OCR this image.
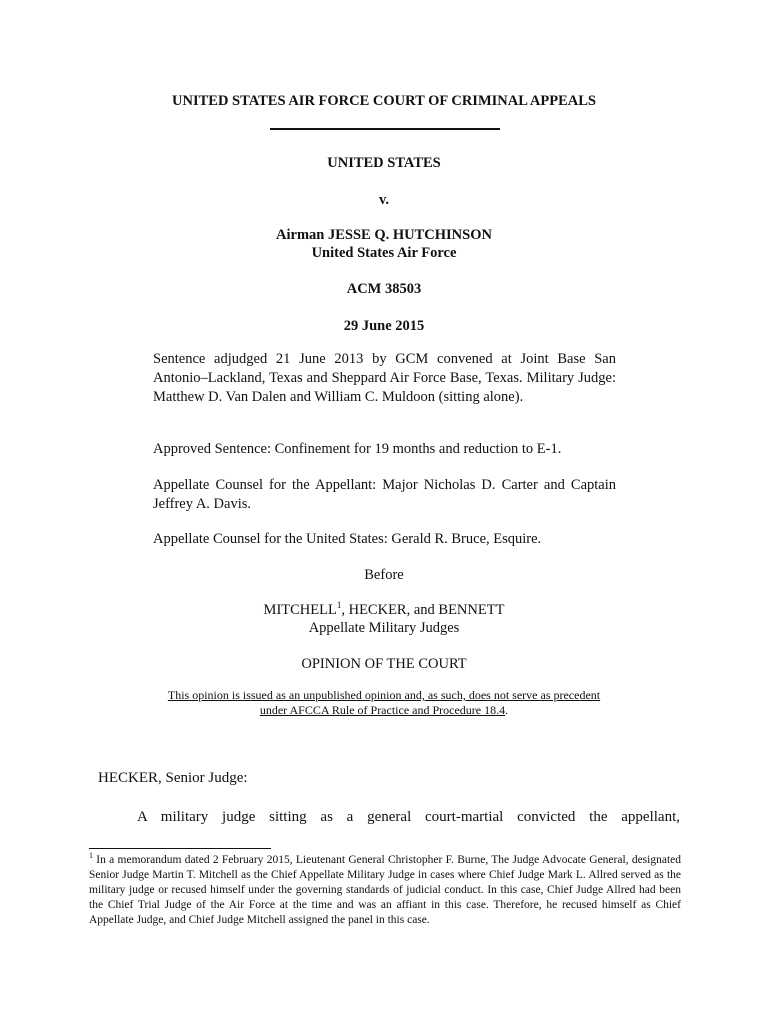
UNITED STATES AIR FORCE COURT OF CRIMINAL APPEALS
UNITED STATES
v.
Airman JESSE Q. HUTCHINSON
United States Air Force
ACM 38503
29 June 2015
Sentence adjudged 21 June 2013 by GCM convened at Joint Base San Antonio–Lackland, Texas and Sheppard Air Force Base, Texas. Military Judge: Matthew D. Van Dalen and William C. Muldoon (sitting alone).
Approved Sentence: Confinement for 19 months and reduction to E-1.
Appellate Counsel for the Appellant: Major Nicholas D. Carter and Captain Jeffrey A. Davis.
Appellate Counsel for the United States: Gerald R. Bruce, Esquire.
Before
MITCHELL$^1$, HECKER, and BENNETT
Appellate Military Judges
OPINION OF THE COURT
This opinion is issued as an unpublished opinion and, as such, does not serve as precedent
under AFCCA Rule of Practice and Procedure 18.4.
HECKER, Senior Judge:
A military judge sitting as a general court-martial convicted the appellant,
$^1$ In a memorandum dated 2 February 2015, Lieutenant General Christopher F. Burne, The Judge Advocate General, designated Senior Judge Martin T. Mitchell as the Chief Appellate Military Judge in cases where Chief Judge Mark L. Allred served as the military judge or recused himself under the governing standards of judicial conduct. In this case, Chief Judge Allred had been the Chief Trial Judge of the Air Force at the time and was an affiant in this case. Therefore, he recused himself as Chief Appellate Judge, and Chief Judge Mitchell assigned the panel in this case.
